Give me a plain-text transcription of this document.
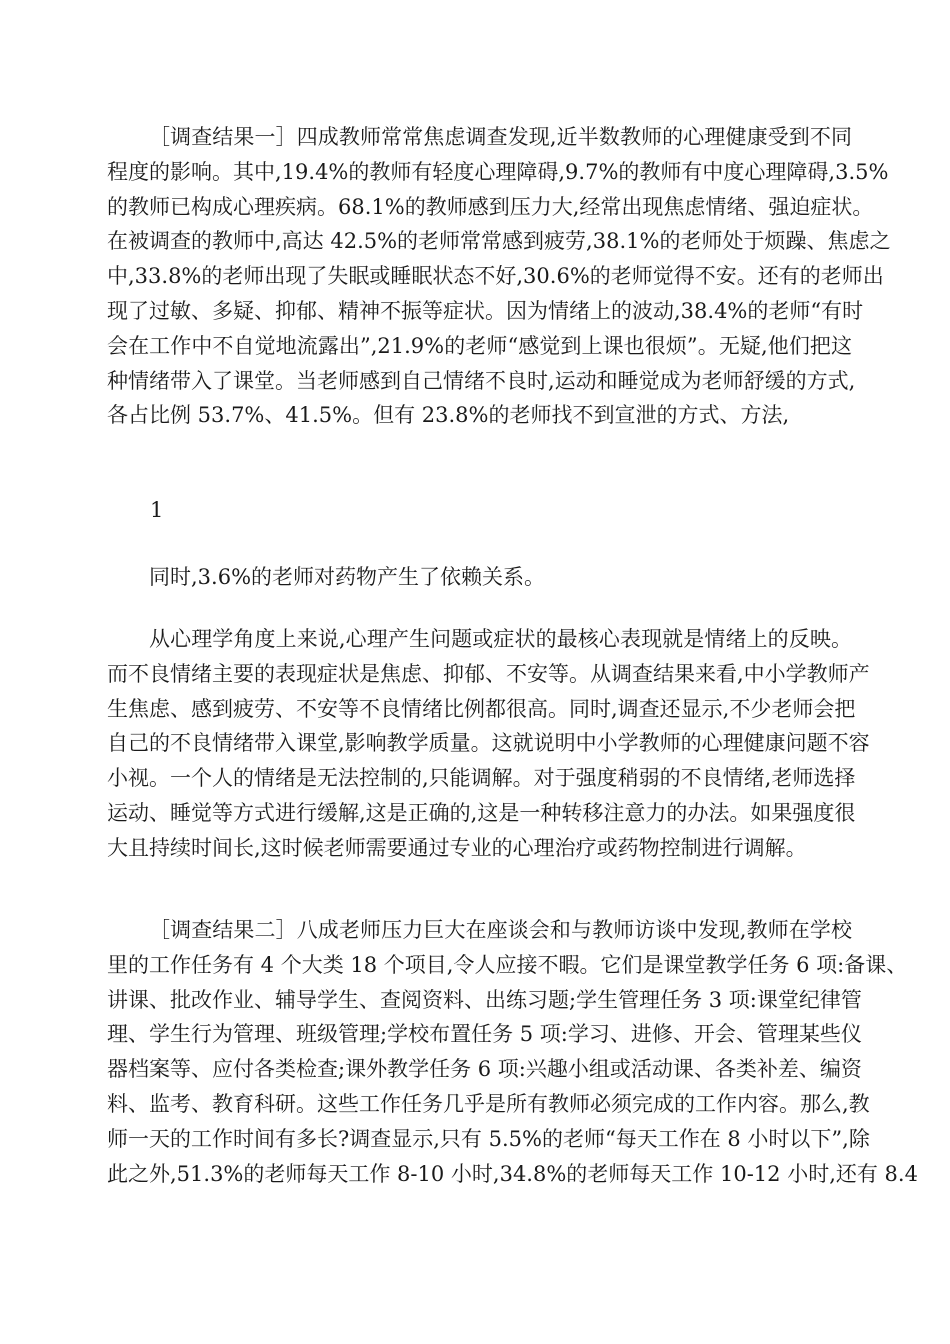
［调查结果一］四成教师常常焦虑调查发现,近半数教师的心理健康受到不同
程度的影响。其中,19.4%的教师有轻度心理障碍,9.7%的教师有中度心理障碍,3.5%
的教师已构成心理疾病。68.1%的教师感到压力大,经常出现焦虑情绪、强迫症状。
在被调查的教师中,高达 42.5%的老师常常感到疲劳,38.1%的老师处于烦躁、焦虑之
中,33.8%的老师出现了失眠或睡眠状态不好,30.6%的老师觉得不安。还有的老师出
现了过敏、多疑、抑郁、精神不振等症状。因为情绪上的波动,38.4%的老师“有时
会在工作中不自觉地流露出”,21.9%的老师“感觉到上课也很烦”。无疑,他们把这
种情绪带入了课堂。当老师感到自己情绪不良时,运动和睡觉成为老师舒缓的方式,
各占比例 53.7%、41.5%。但有 23.8%的老师找不到宣泄的方式、方法,
1
同时,3.6%的老师对药物产生了依赖关系。
从心理学角度上来说,心理产生问题或症状的最核心表现就是情绪上的反映。
而不良情绪主要的表现症状是焦虑、抑郁、不安等。从调查结果来看,中小学教师产
生焦虑、感到疲劳、不安等不良情绪比例都很高。同时,调查还显示,不少老师会把
自己的不良情绪带入课堂,影响教学质量。这就说明中小学教师的心理健康问题不容
小视。一个人的情绪是无法控制的,只能调解。对于强度稍弱的不良情绪,老师选择
运动、睡觉等方式进行缓解,这是正确的,这是一种转移注意力的办法。如果强度很
大且持续时间长,这时候老师需要通过专业的心理治疗或药物控制进行调解。
［调查结果二］八成老师压力巨大在座谈会和与教师访谈中发现,教师在学校
里的工作任务有 4 个大类 18 个项目,令人应接不暇。它们是课堂教学任务 6 项:备课、
讲课、批改作业、辅导学生、查阅资料、出练习题;学生管理任务 3 项:课堂纪律管
理、学生行为管理、班级管理;学校布置任务 5 项:学习、进修、开会、管理某些仪
器档案等、应付各类检查;课外教学任务 6 项:兴趣小组或活动课、各类补差、编资
料、监考、教育科研。这些工作任务几乎是所有教师必须完成的工作内容。那么,教
师一天的工作时间有多长?调查显示,只有 5.5%的老师“每天工作在 8 小时以下”,除
此之外,51.3%的老师每天工作 8-10 小时,34.8%的老师每天工作 10-12 小时,还有 8.4
